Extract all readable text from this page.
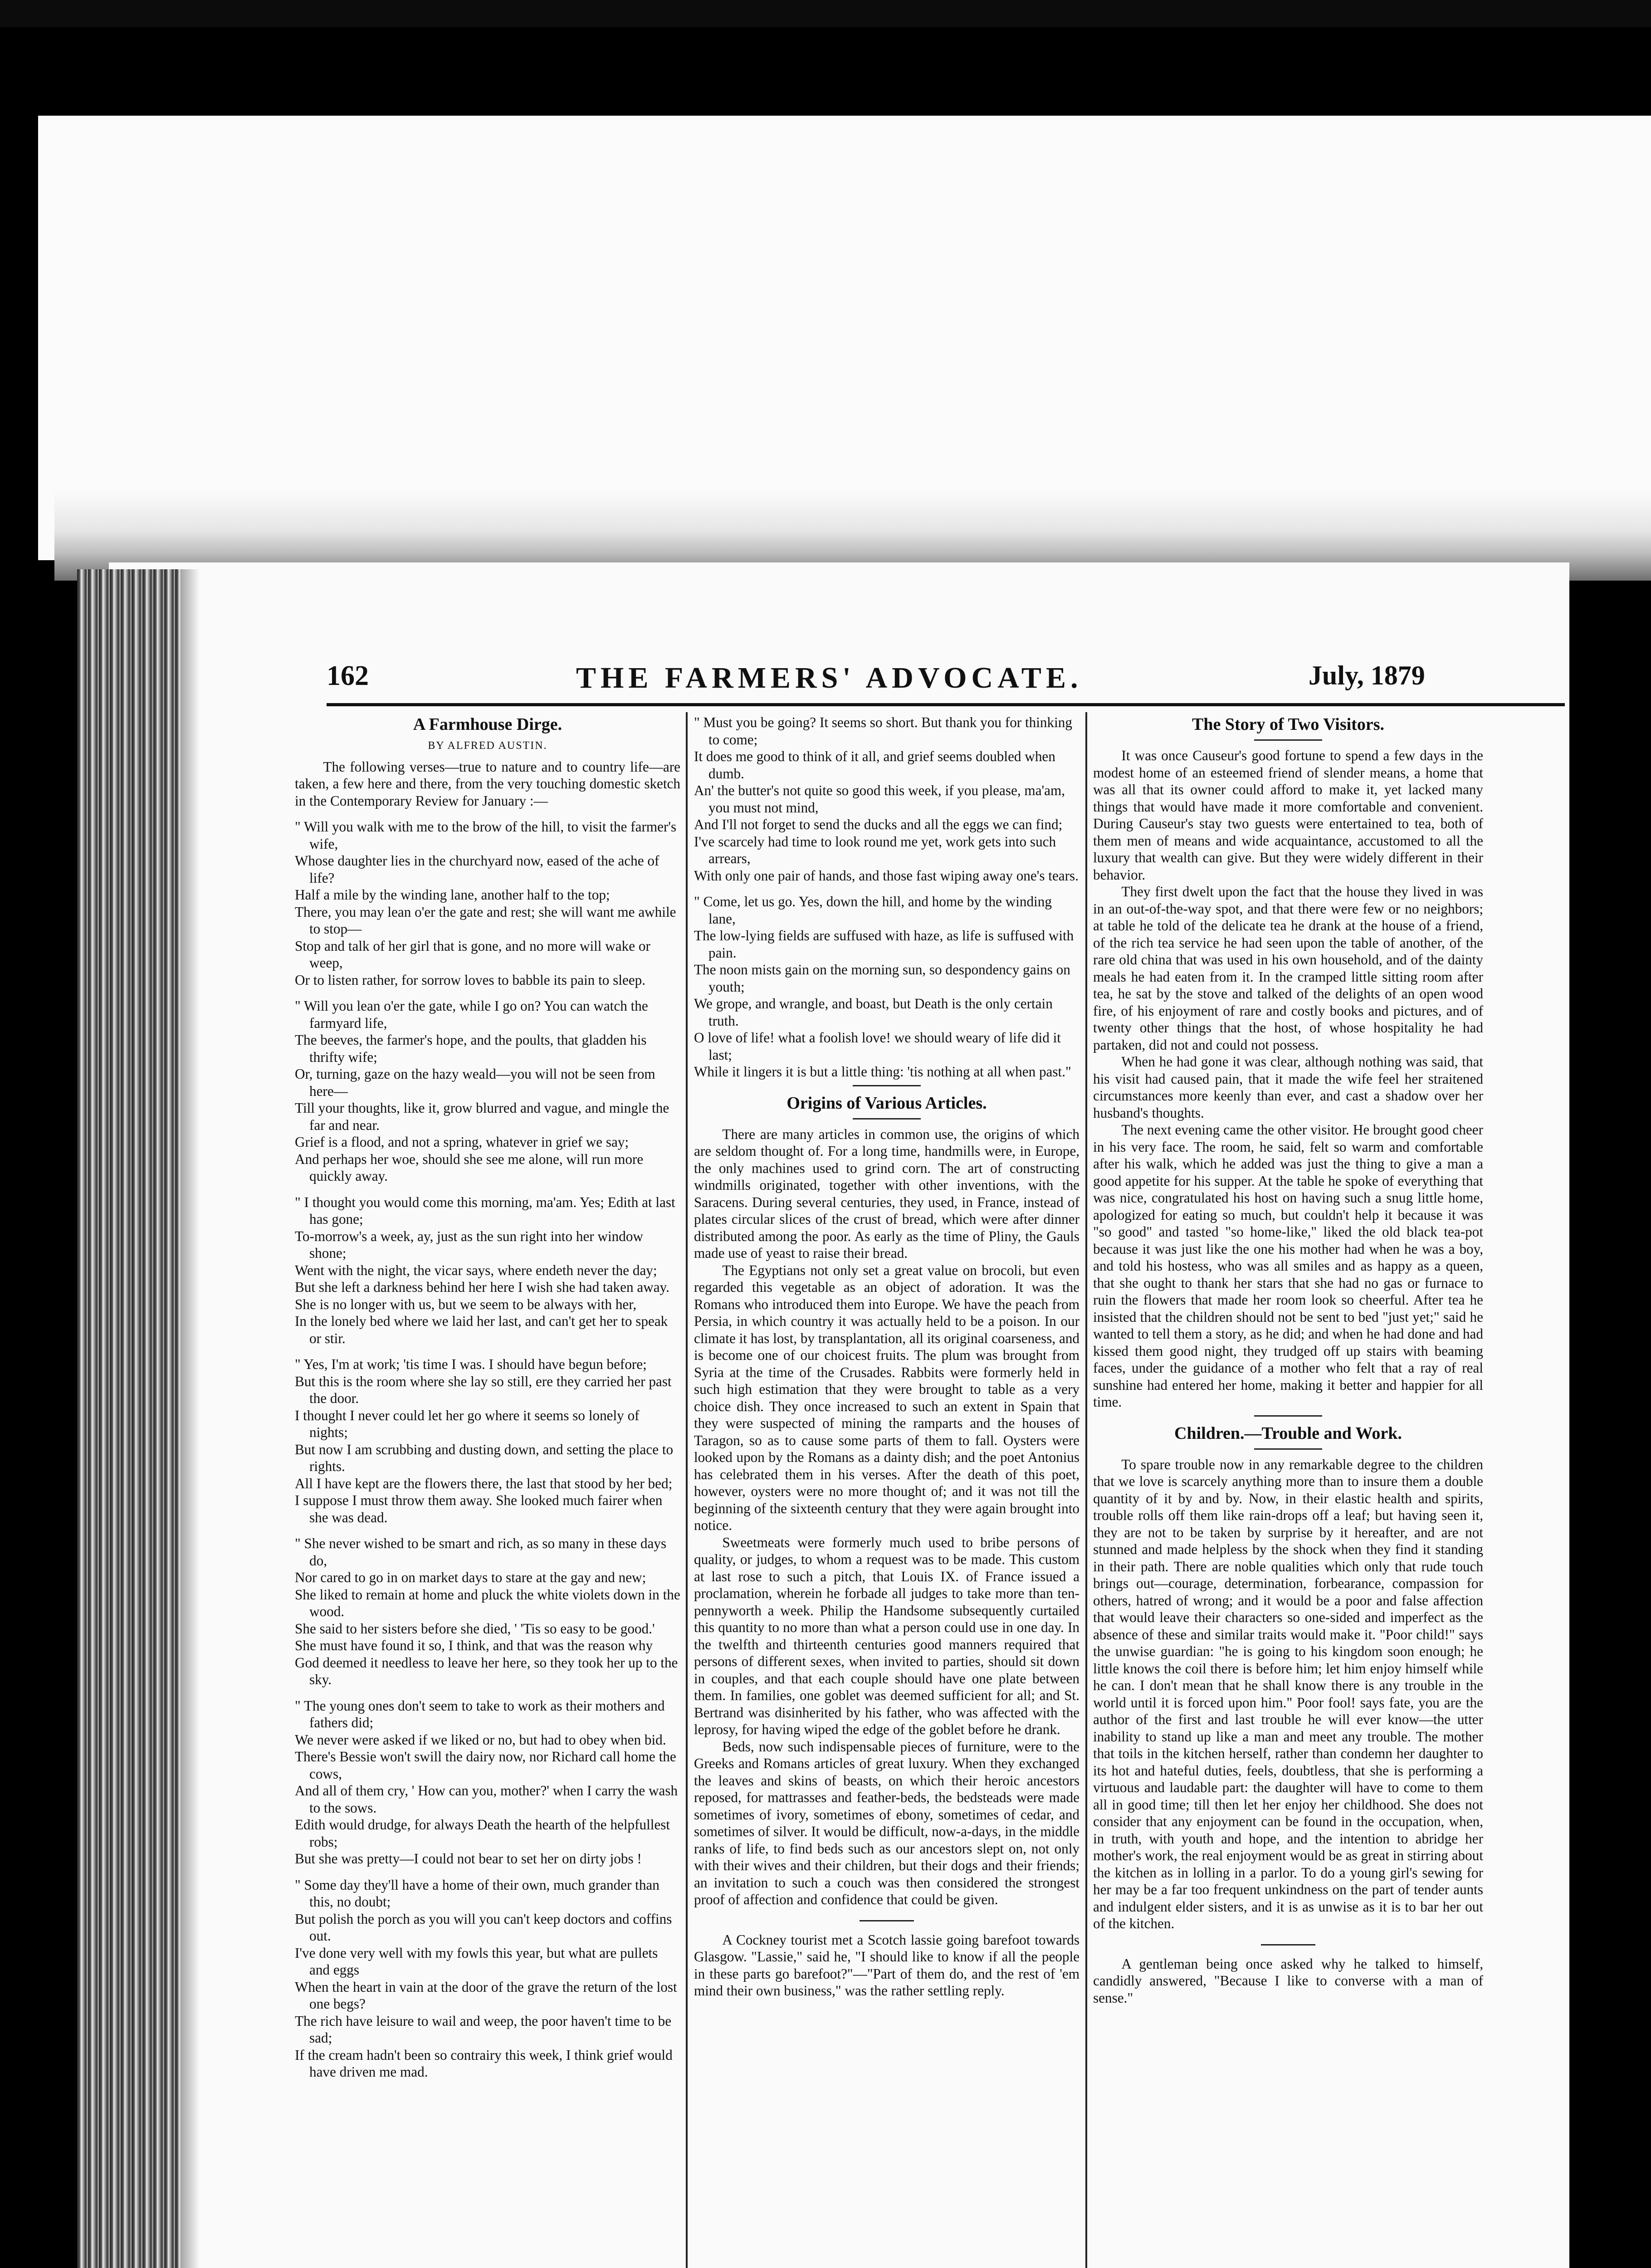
162	THE FARMERS' ADVOCATE.	July, 1879
A Farmhouse Dirge.
BY ALFRED AUSTIN.

The following verses—true to nature and to country life—are taken, a few here and there, from the very touching domestic sketch in the Contemporary Review for January :—

" Will you walk with me to the brow of the hill, to visit the farmer's wife,
Whose daughter lies in the churchyard now, eased of the ache of life?
Half a mile by the winding lane, another half to the top;
There, you may lean o'er the gate and rest; she will want me awhile to stop—
Stop and talk of her girl that is gone, and no more will wake or weep,
Or to listen rather, for sorrow loves to babble its pain to sleep.
" Will you lean o'er the gate, while I go on? You can watch the farmyard life,
The beeves, the farmer's hope, and the poults, that gladden his thrifty wife;
Or, turning, gaze on the hazy weald—you will not be seen from here—
Till your thoughts, like it, grow blurred and vague, and mingle the far and near.
Grief is a flood, and not a spring, whatever in grief we say;
And perhaps her woe, should she see me alone, will run more quickly away.
" I thought you would come this morning, ma'am. Yes; Edith at last has gone;
To-morrow's a week, ay, just as the sun right into her window shone;
Went with the night, the vicar says, where endeth never the day;
But she left a darkness behind her here I wish she had taken away.
She is no longer with us, but we seem to be always with her,
In the lonely bed where we laid her last, and can't get her to speak or stir.
" Yes, I'm at work; 'tis time I was. I should have begun before;
But this is the room where she lay so still, ere they carried her past the door.
I thought I never could let her go where it seems so lonely of nights;
But now I am scrubbing and dusting down, and setting the place to rights.
All I have kept are the flowers there, the last that stood by her bed;
I suppose I must throw them away. She looked much fairer when she was dead.
" She never wished to be smart and rich, as so many in these days do,
Nor cared to go in on market days to stare at the gay and new;
She liked to remain at home and pluck the white violets down in the wood.
She said to her sisters before she died, ' 'Tis so easy to be good.'
She must have found it so, I think, and that was the reason why
God deemed it needless to leave her here, so they took her up to the sky.
" The young ones don't seem to take to work as their mothers and fathers did;
We never were asked if we liked or no, but had to obey when bid.
There's Bessie won't swill the dairy now, nor Richard call home the cows,
And all of them cry, ' How can you, mother?' when I carry the wash to the sows.
Edith would drudge, for always Death the hearth of the helpfullest robs;
But she was pretty—I could not bear to set her on dirty jobs !
" Some day they'll have a home of their own, much grander than this, no doubt;
But polish the porch as you will you can't keep doctors and coffins out.
I've done very well with my fowls this year, but what are pullets and eggs
When the heart in vain at the door of the grave the return of the lost one begs?
The rich have leisure to wail and weep, the poor haven't time to be sad;
If the cream hadn't been so contrairy this week, I think grief would have driven me mad.
" Must you be going? It seems so short. But thank you for thinking to come;
It does me good to think of it all, and grief seems doubled when dumb.
An' the butter's not quite so good this week, if you please, ma'am, you must not mind,
And I'll not forget to send the ducks and all the eggs we can find;
I've scarcely had time to look round me yet, work gets into such arrears,
With only one pair of hands, and those fast wiping away one's tears.
" Come, let us go. Yes, down the hill, and home by the winding lane,
The low-lying fields are suffused with haze, as life is suffused with pain.
The noon mists gain on the morning sun, so despondency gains on youth;
We grope, and wrangle, and boast, but Death is the only certain truth.
O love of life! what a foolish love! we should weary of life did it last;
While it lingers it is but a little thing: 'tis nothing at all when past."
Origins of Various Articles.

There are many articles in common use, the origins of which are seldom thought of. For a long time, handmills were, in Europe, the only machines used to grind corn. The art of constructing windmills originated, together with other inventions, with the Saracens. During several centuries, they used, in France, instead of plates circular slices of the crust of bread, which were after dinner distributed among the poor. As early as the time of Pliny, the Gauls made use of yeast to raise their bread.

The Egyptians not only set a great value on brocoli, but even regarded this vegetable as an object of adoration. It was the Romans who introduced them into Europe. We have the peach from Persia, in which country it was actually held to be a poison. In our climate it has lost, by transplantation, all its original coarseness, and is become one of our choicest fruits. The plum was brought from Syria at the time of the Crusades. Rabbits were formerly held in such high estimation that they were brought to table as a very choice dish. They once increased to such an extent in Spain that they were suspected of mining the ramparts and the houses of Taragon, so as to cause some parts of them to fall. Oysters were looked upon by the Romans as a dainty dish; and the poet Antonius has celebrated them in his verses. After the death of this poet, however, oysters were no more thought of; and it was not till the beginning of the sixteenth century that they were again brought into notice.

Sweetmeats were formerly much used to bribe persons of quality, or judges, to whom a request was to be made. This custom at last rose to such a pitch, that Louis IX. of France issued a proclamation, wherein he forbade all judges to take more than ten-pennyworth a week. Philip the Handsome subsequently curtailed this quantity to no more than what a person could use in one day. In the twelfth and thirteenth centuries good manners required that persons of different sexes, when invited to parties, should sit down in couples, and that each couple should have one plate between them. In families, one goblet was deemed sufficient for all; and St. Bertrand was disinherited by his father, who was affected with the leprosy, for having wiped the edge of the goblet before he drank.

Beds, now such indispensable pieces of furniture, were to the Greeks and Romans articles of great luxury. When they exchanged the leaves and skins of beasts, on which their heroic ancestors reposed, for mattrasses and feather-beds, the bedsteads were made sometimes of ivory, sometimes of ebony, sometimes of cedar, and sometimes of silver. It would be difficult, now-a-days, in the middle ranks of life, to find beds such as our ancestors slept on, not only with their wives and their children, but their dogs and their friends; an invitation to such a couch was then considered the strongest proof of affection and confidence that could be given.

A Cockney tourist met a Scotch lassie going barefoot towards Glasgow. "Lassie," said he, "I should like to know if all the people in these parts go barefoot?"—"Part of them do, and the rest of 'em mind their own business," was the rather settling reply.

The Story of Two Visitors.

It was once Causeur's good fortune to spend a few days in the modest home of an esteemed friend of slender means, a home that was all that its owner could afford to make it, yet lacked many things that would have made it more comfortable and convenient. During Causeur's stay two guests were entertained to tea, both of them men of means and wide acquaintance, accustomed to all the luxury that wealth can give. But they were widely different in their behavior.

They first dwelt upon the fact that the house they lived in was in an out-of-the-way spot, and that there were few or no neighbors; at table he told of the delicate tea he drank at the house of a friend, of the rich tea service he had seen upon the table of another, of the rare old china that was used in his own household, and of the dainty meals he had eaten from it. In the cramped little sitting room after tea, he sat by the stove and talked of the delights of an open wood fire, of his enjoyment of rare and costly books and pictures, and of twenty other things that the host, of whose hospitality he had partaken, did not and could not possess.

When he had gone it was clear, although nothing was said, that his visit had caused pain, that it made the wife feel her straitened circumstances more keenly than ever, and cast a shadow over her husband's thoughts.

The next evening came the other visitor. He brought good cheer in his very face. The room, he said, felt so warm and comfortable after his walk, which he added was just the thing to give a man a good appetite for his supper. At the table he spoke of everything that was nice, congratulated his host on having such a snug little home, apologized for eating so much, but couldn't help it because it was "so good" and tasted "so home-like," liked the old black tea-pot because it was just like the one his mother had when he was a boy, and told his hostess, who was all smiles and as happy as a queen, that she ought to thank her stars that she had no gas or furnace to ruin the flowers that made her room look so cheerful. After tea he insisted that the children should not be sent to bed "just yet;" said he wanted to tell them a story, as he did; and when he had done and had kissed them good night, they trudged off up stairs with beaming faces, under the guidance of a mother who felt that a ray of real sunshine had entered her home, making it better and happier for all time.

Children.—Trouble and Work.

To spare trouble now in any remarkable degree to the children that we love is scarcely anything more than to insure them a double quantity of it by and by. Now, in their elastic health and spirits, trouble rolls off them like rain-drops off a leaf; but having seen it, they are not to be taken by surprise by it hereafter, and are not stunned and made helpless by the shock when they find it standing in their path. There are noble qualities which only that rude touch brings out—courage, determination, forbearance, compassion for others, hatred of wrong; and it would be a poor and false affection that would leave their characters so one-sided and imperfect as the absence of these and similar traits would make it. "Poor child!" says the unwise guardian: "he is going to his kingdom soon enough; he little knows the coil there is before him; let him enjoy himself while he can. I don't mean that he shall know there is any trouble in the world until it is forced upon him." Poor fool! says fate, you are the author of the first and last trouble he will ever know—the utter inability to stand up like a man and meet any trouble. The mother that toils in the kitchen herself, rather than condemn her daughter to its hot and hateful duties, feels, doubtless, that she is performing a virtuous and laudable part: the daughter will have to come to them all in good time; till then let her enjoy her childhood. She does not consider that any enjoyment can be found in the occupation, when, in truth, with youth and hope, and the intention to abridge her mother's work, the real enjoyment would be as great in stirring about the kitchen as in lolling in a parlor. To do a young girl's sewing for her may be a far too frequent unkindness on the part of tender aunts and indulgent elder sisters, and it is as unwise as it is to bar her out of the kitchen.

A gentleman being once asked why he talked to himself, candidly answered, "Because I like to converse with a man of sense."
